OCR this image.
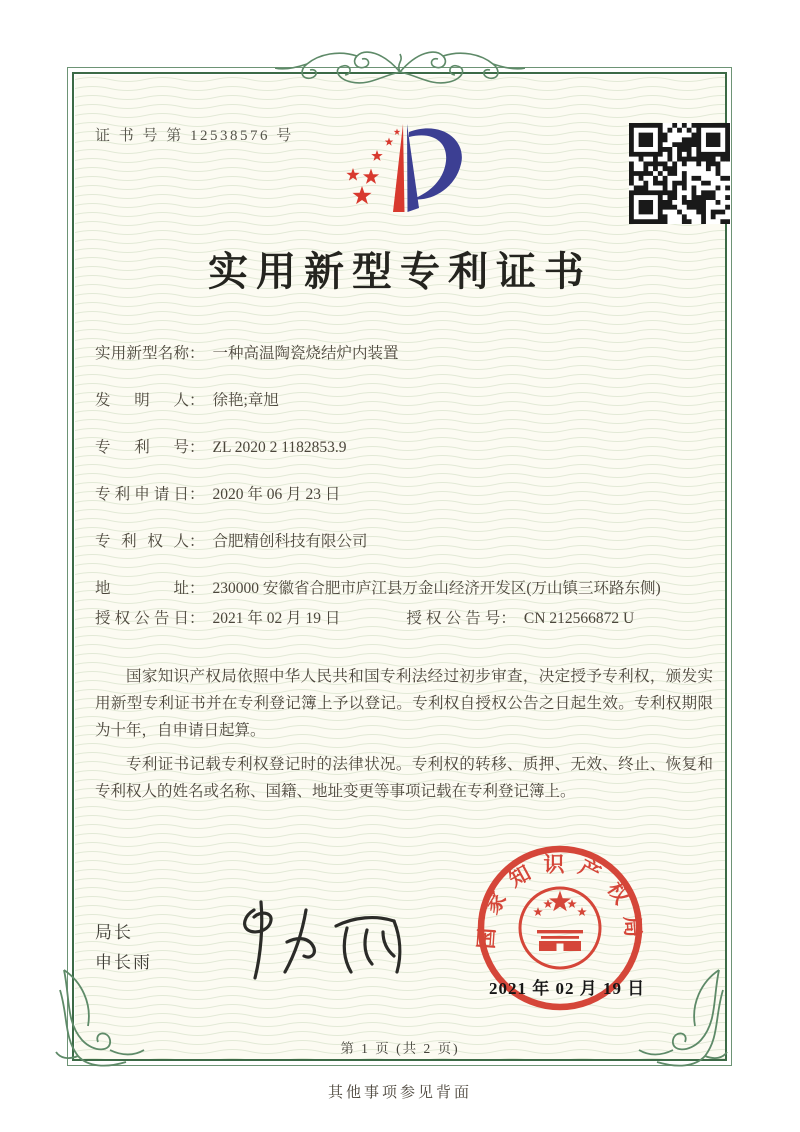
证 书 号 第 12538576 号
实用新型专利证书
实用新型名称 ： 一种高温陶瓷烧结炉内装置
发明人 ： 徐艳;章旭
专利号 ： ZL 2020 2 1182853.9
专利申请日 ： 2020 年 06 月 23 日
专利权人 ： 合肥精创科技有限公司
地址 ： 230000 安徽省合肥市庐江县万金山经济开发区(万山镇三环路东侧)
授权公告日 ： 2021 年 02 月 19 日	授权公告号 ： CN 212566872 U

国家知识产权局依照中华人民共和国专利法经过初步审查，决定授予专利权，颁发实用新型专利证书并在专利登记簿上予以登记。专利权自授权公告之日起生效。专利权期限为十年，自申请日起算。

专利证书记载专利权登记时的法律状况。专利权的转移、质押、无效、终止、恢复和专利权人的姓名或名称、国籍、地址变更等事项记载在专利登记簿上。

局长
申长雨
国家知识产权局
2021 年 02 月 19 日
第 1 页 (共 2 页)
其他事项参见背面
